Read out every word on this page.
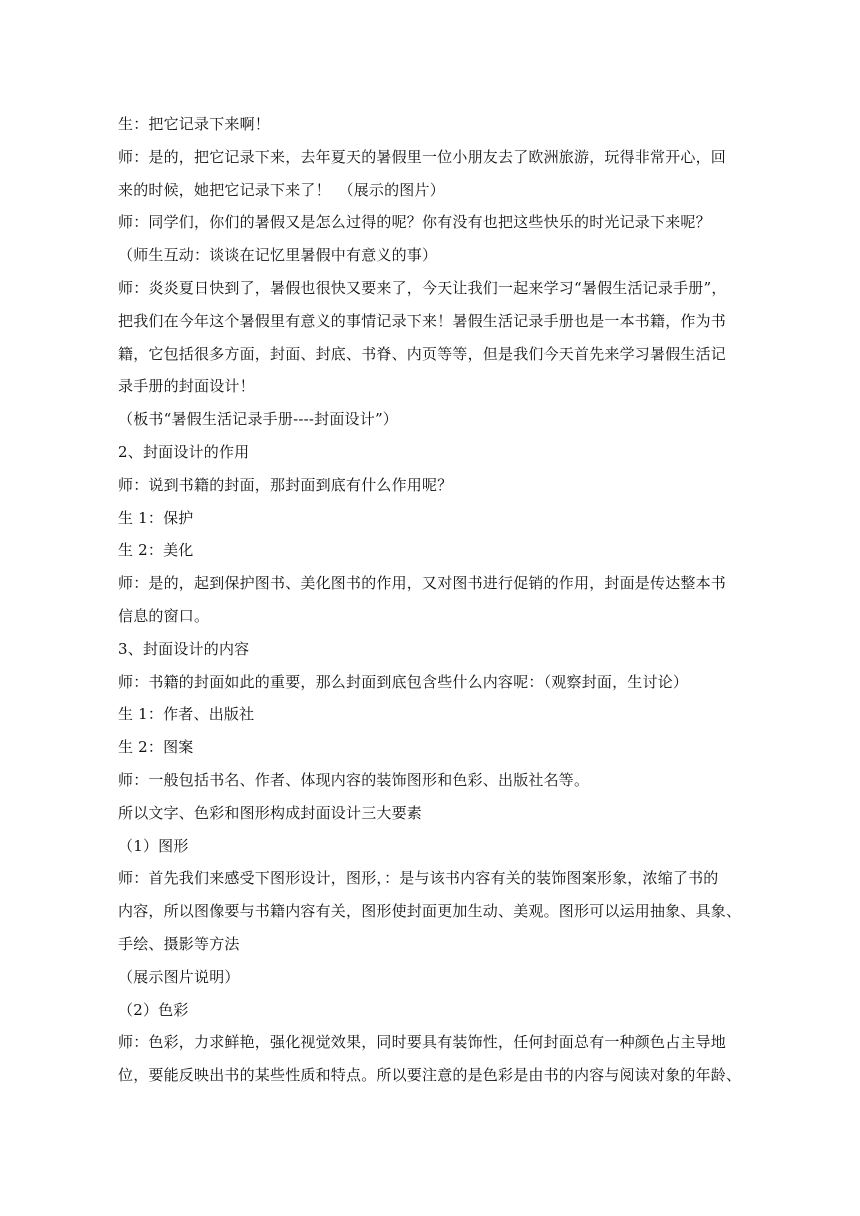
生：把它记录下来啊！
师：是的，把它记录下来，去年夏天的暑假里一位小朋友去了欧洲旅游，玩得非常开心，回
来的时候，她把它记录下来了！　（展示的图片）
师：同学们，你们的暑假又是怎么过得的呢？你有没有也把这些快乐的时光记录下来呢？
（师生互动：谈谈在记忆里暑假中有意义的事）
师：炎炎夏日快到了，暑假也很快又要来了，今天让我们一起来学习“暑假生活记录手册”，
把我们在今年这个暑假里有意义的事情记录下来！暑假生活记录手册也是一本书籍，作为书
籍，它包括很多方面，封面、封底、书脊、内页等等，但是我们今天首先来学习暑假生活记
录手册的封面设计！
（板书“暑假生活记录手册----封面设计”）
2、封面设计的作用
师：说到书籍的封面，那封面到底有什么作用呢？
生 1：保护
生 2：美化
师：是的，起到保护图书、美化图书的作用，又对图书进行促销的作用，封面是传达整本书
信息的窗口。
3、封面设计的内容
师：书籍的封面如此的重要，那么封面到底包含些什么内容呢：（观察封面，生讨论）
生 1：作者、出版社
生 2：图案
师：一般包括书名、作者、体现内容的装饰图形和色彩、出版社名等。
所以文字、色彩和图形构成封面设计三大要素
（1）图形
师：首先我们来感受下图形设计，图形，：是与该书内容有关的装饰图案形象，浓缩了书的
内容，所以图像要与书籍内容有关，图形使封面更加生动、美观。图形可以运用抽象、具象、
手绘、摄影等方法
（展示图片说明）
（2）色彩
师：色彩，力求鲜艳，强化视觉效果，同时要具有装饰性，任何封面总有一种颜色占主导地
位，要能反映出书的某些性质和特点。所以要注意的是色彩是由书的内容与阅读对象的年龄、
